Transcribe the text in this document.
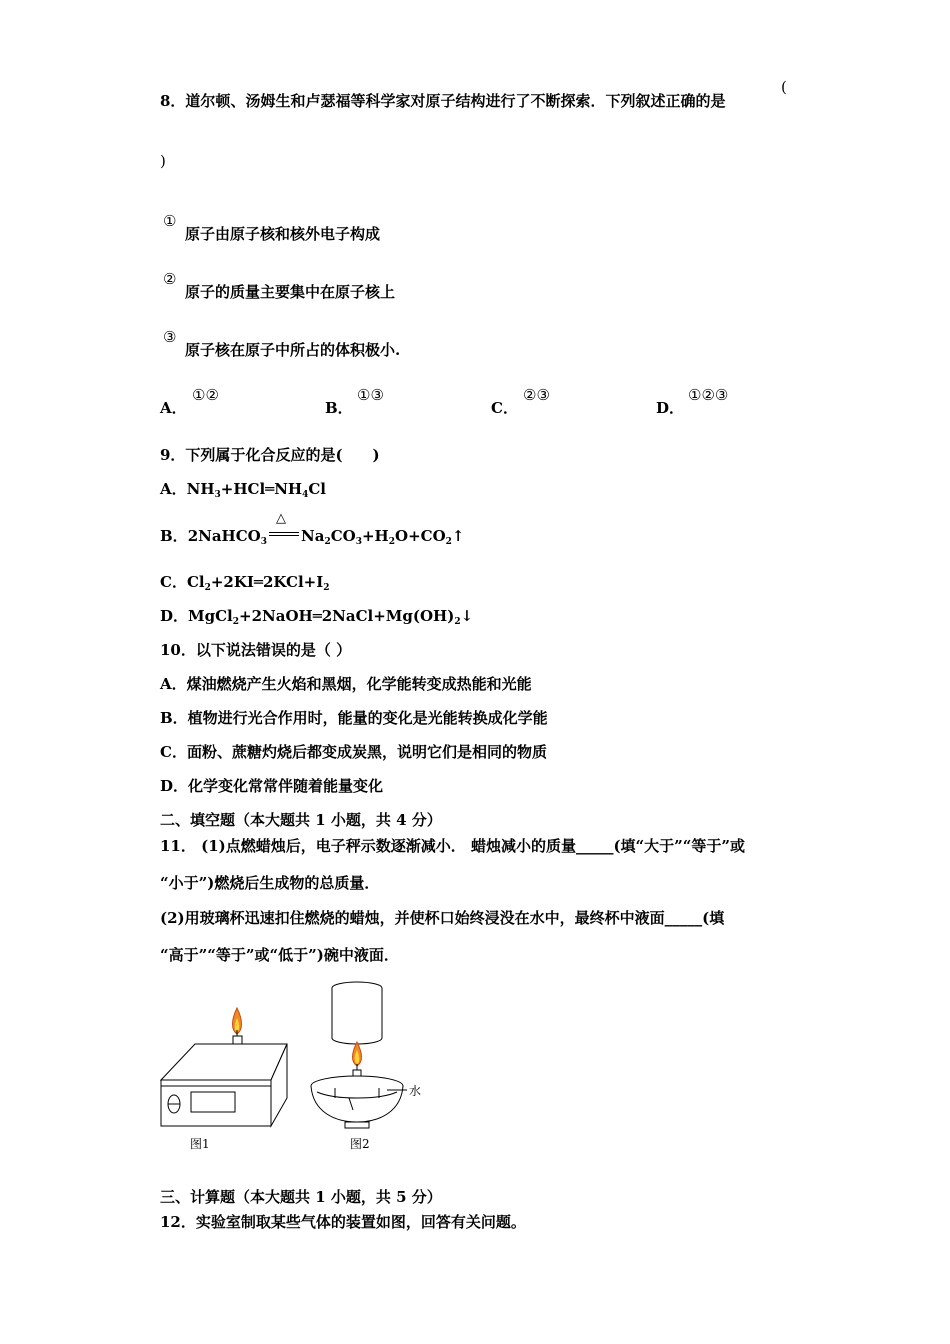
8．道尔顿、汤姆生和卢瑟福等科学家对原子结构进行了不断探索．下列叙述正确的是
(
)
①
原子由原子核和核外电子构成
②
原子的质量主要集中在原子核上
③
原子核在原子中所占的体积极小.
A．
①②
B．
①③
C．
②③
D．
①②③
9．下列属于化合反应的是(　　)
A．$NH_3+HCl═NH_4Cl$
B．2NaHCO$_3$
△
$Na_2CO_3+H_2O+CO_2↑$
C．$Cl_2+2KI═2KCl+I_2$
D．$MgCl_2+2NaOH═2NaCl+Mg(OH)_2↓$
10．以下说法错误的是（ ）
A．煤油燃烧产生火焰和黑烟，化学能转变成热能和光能
B．植物进行光合作用时，能量的变化是光能转换成化学能
C．面粉、蔗糖灼烧后都变成炭黑，说明它们是相同的物质
D．化学变化常常伴随着能量变化
二、填空题（本大题共 1 小题，共 4 分）
11． (1)点燃蜡烛后，电子秤示数逐渐减小． 蜡烛减小的质量_____(填“大于”“等于”或
“小于”)燃烧后生成物的总质量．
(2)用玻璃杯迅速扣住燃烧的蜡烛，并使杯口始终浸没在水中，最终杯中液面_____(填
“高于”“等于”或“低于”)碗中液面．
图1
水
图2
三、计算题（本大题共 1 小题，共 5 分）
12．实验室制取某些气体的装置如图，回答有关问题。
